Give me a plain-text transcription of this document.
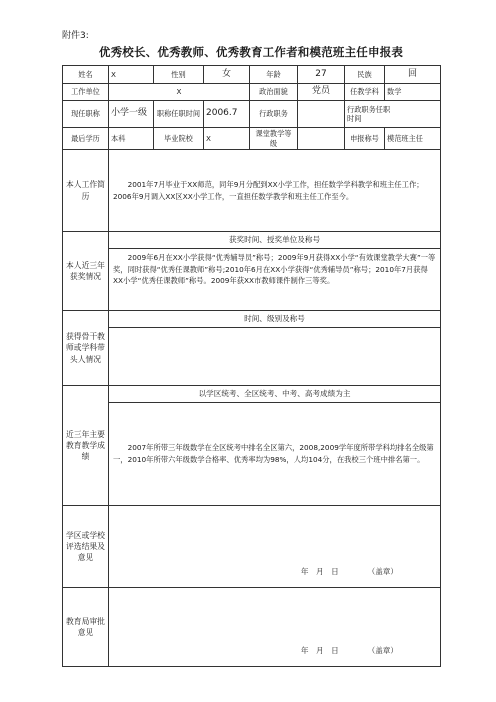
附件3:
优秀校长、优秀教师、优秀教育工作者和模范班主任申报表
姓名	X	性别	女	年龄	27	民族	回
工作单位	X			政治面貌	党员	任教学科	数学
现任职称	小学一级	职称任职时间	2006.7	行政职务		行政职务任职时间	
最后学历	本科	毕业院校	X	课堂教学等级		申报称号	模范班主任
本人工作简历	2001年7月毕业于XX师范，同年9月分配到XX小学工作，担任数学学科教学和班主任工作；2006年9月调入XX区XX小学工作，一直担任数学教学和班主任工作至今。						
本人近三年获奖情况	获奖时间、授奖单位及称号						
	2009年6月在XX小学获得“优秀辅导员”称号；2009年9月获得XX小学“有效课堂教学大赛”一等奖，同时获得“优秀任课教师”称号;2010年6月在XX小学获得“优秀辅导员”称号；2010年7月获得XX小学“优秀任课教师”称号。2009年获XX市教师课件制作三等奖。						
获得骨干教师或学科带头人情况	时间、级别及称号						

近三年主要教育教学成绩	以学区统考、全区统考、中考、高考成绩为主						
	2007年所带三年级数学在全区统考中排名全区第六，2008,2009学年度所带学科均排名全级第一，2010年所带六年级数学合格率、优秀率均为98%，人均104分，在我校三个班中排名第一。						
学区或学校评选结果及意见	年　月　日 （盖章）						
教育局审批意见	年　月　日 （盖章）						
